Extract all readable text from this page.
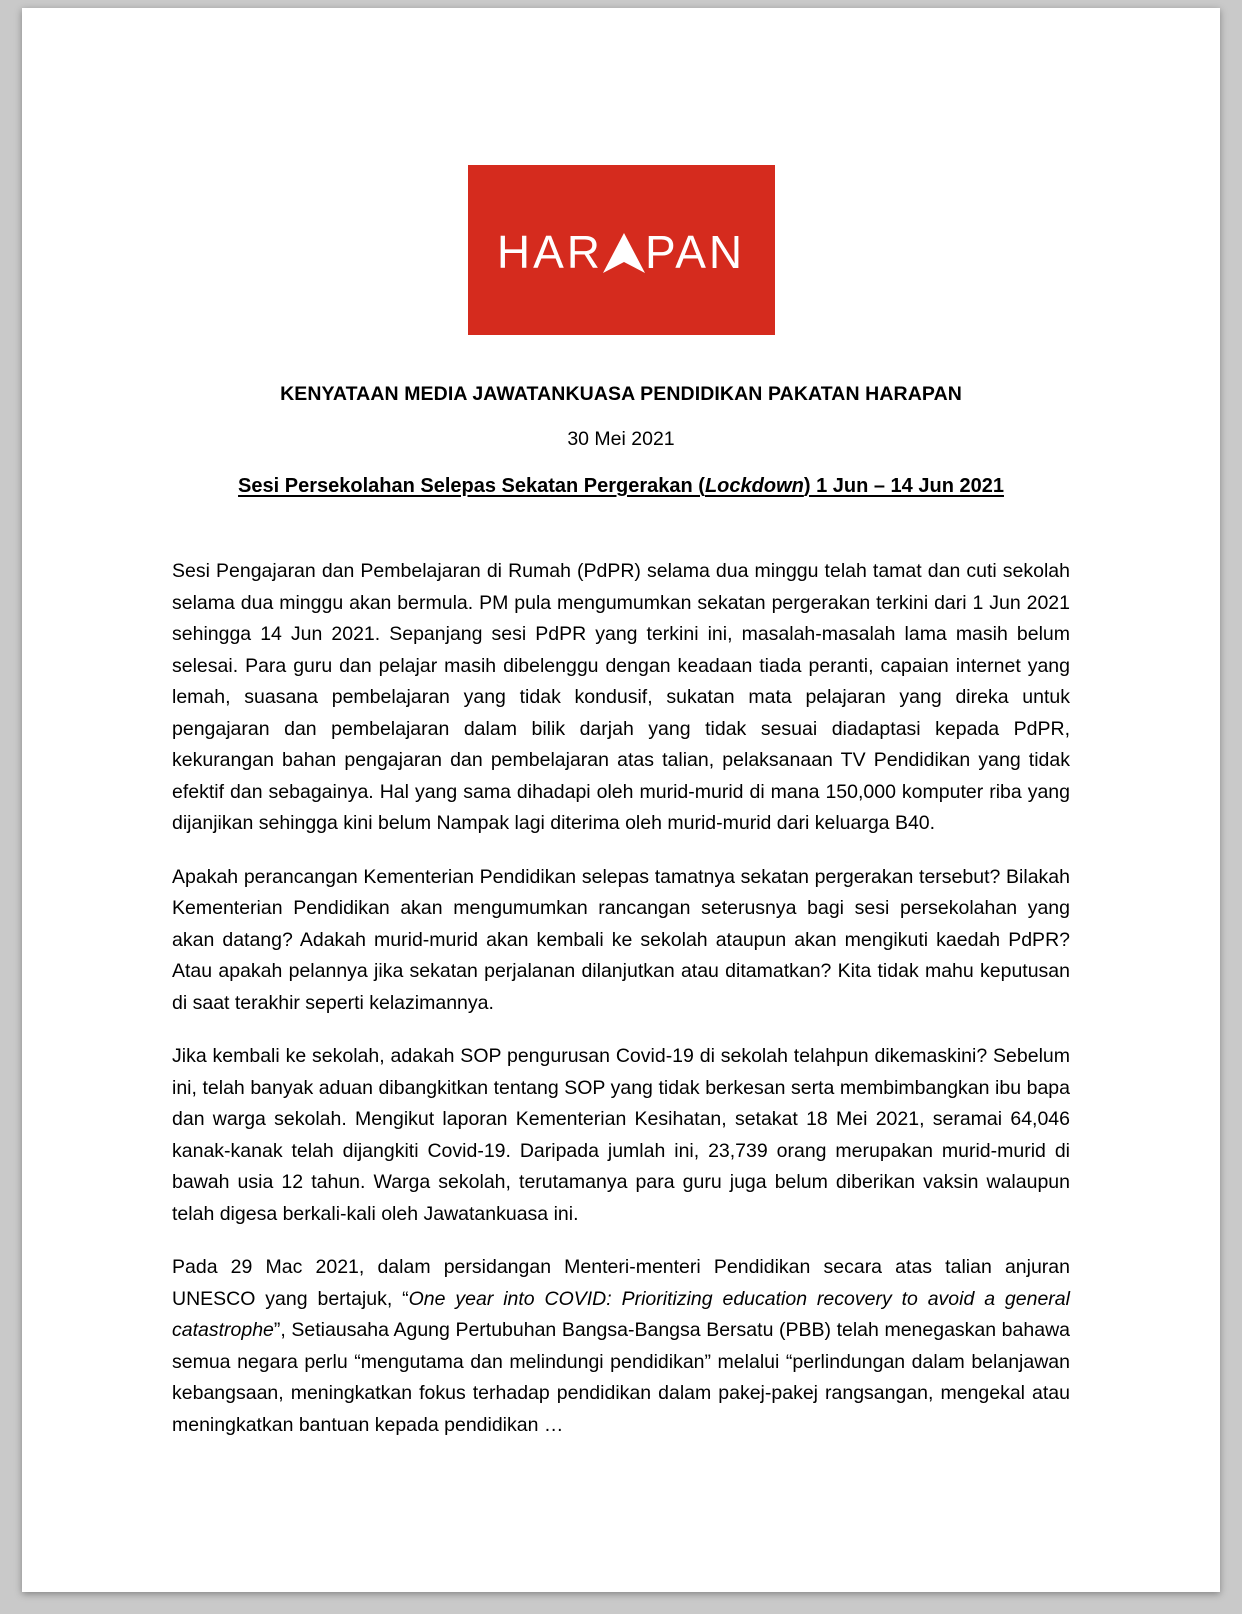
HAR PAN
KENYATAAN MEDIA JAWATANKUASA PENDIDIKAN PAKATAN HARAPAN
30 Mei 2021
Sesi Persekolahan Selepas Sekatan Pergerakan (Lockdown) 1 Jun – 14 Jun 2021

Sesi Pengajaran dan Pembelajaran di Rumah (PdPR) selama dua minggu telah tamat dan cuti sekolah selama dua minggu akan bermula. PM pula mengumumkan sekatan pergerakan terkini dari 1 Jun 2021 sehingga 14 Jun 2021. Sepanjang sesi PdPR yang terkini ini, masalah-masalah lama masih belum selesai. Para guru dan pelajar masih dibelenggu dengan keadaan tiada peranti, capaian internet yang lemah, suasana pembelajaran yang tidak kondusif, sukatan mata pelajaran yang direka untuk pengajaran dan pembelajaran dalam bilik darjah yang tidak sesuai diadaptasi kepada PdPR, kekurangan bahan pengajaran dan pembelajaran atas talian, pelaksanaan TV Pendidikan yang tidak efektif dan sebagainya. Hal yang sama dihadapi oleh murid-murid di mana 150,000 komputer riba yang dijanjikan sehingga kini belum Nampak lagi diterima oleh murid-murid dari keluarga B40.

Apakah perancangan Kementerian Pendidikan selepas tamatnya sekatan pergerakan tersebut? Bilakah Kementerian Pendidikan akan mengumumkan rancangan seterusnya bagi sesi persekolahan yang akan datang? Adakah murid-murid akan kembali ke sekolah ataupun akan mengikuti kaedah PdPR? Atau apakah pelannya jika sekatan perjalanan dilanjutkan atau ditamatkan? Kita tidak mahu keputusan di saat terakhir seperti kelazimannya.

Jika kembali ke sekolah, adakah SOP pengurusan Covid-19 di sekolah telahpun dikemaskini? Sebelum ini, telah banyak aduan dibangkitkan tentang SOP yang tidak berkesan serta membimbangkan ibu bapa dan warga sekolah. Mengikut laporan Kementerian Kesihatan, setakat 18 Mei 2021, seramai 64,046 kanak-kanak telah dijangkiti Covid-19. Daripada jumlah ini, 23,739 orang merupakan murid-murid di bawah usia 12 tahun. Warga sekolah, terutamanya para guru juga belum diberikan vaksin walaupun telah digesa berkali-kali oleh Jawatankuasa ini.

Pada 29 Mac 2021, dalam persidangan Menteri-menteri Pendidikan secara atas talian anjuran UNESCO yang bertajuk, “One year into COVID: Prioritizing education recovery to avoid a general catastrophe”, Setiausaha Agung Pertubuhan Bangsa-Bangsa Bersatu (PBB) telah menegaskan bahawa semua negara perlu “mengutama dan melindungi pendidikan” melalui “perlindungan dalam belanjawan kebangsaan, meningkatkan fokus terhadap pendidikan dalam pakej-pakej rangsangan, mengekal atau meningkatkan bantuan kepada pendidikan …
